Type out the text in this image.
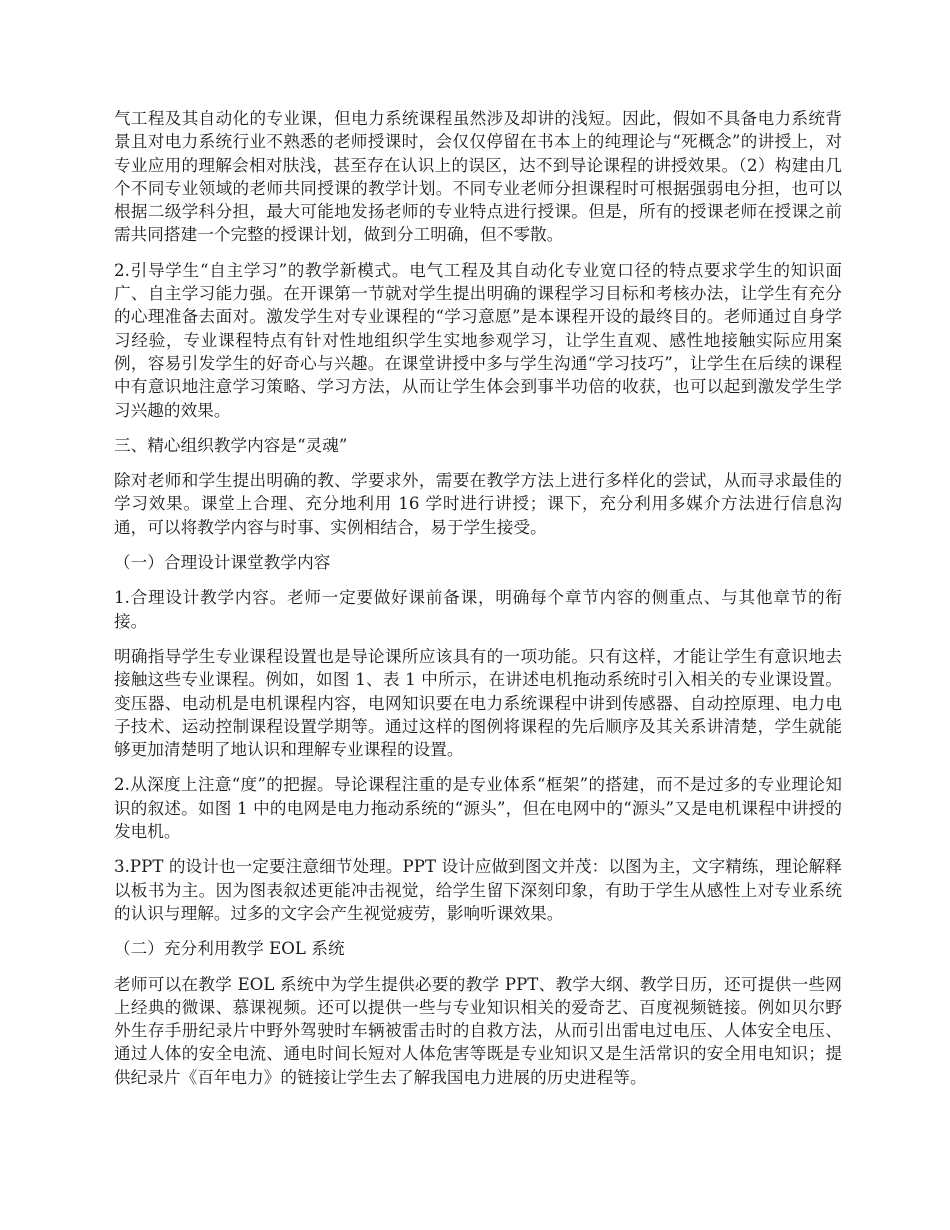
气工程及其自动化的专业课，但电力系统课程虽然涉及却讲的浅短。因此，假如不具备电力系统背景且对电力系统行业不熟悉的老师授课时，会仅仅停留在书本上的纯理论与“死概念”的讲授上，对专业应用的理解会相对肤浅，甚至存在认识上的误区，达不到导论课程的讲授效果。（2）构建由几个不同专业领域的老师共同授课的教学计划。不同专业老师分担课程时可根据强弱电分担，也可以根据二级学科分担，最大可能地发扬老师的专业特点进行授课。但是，所有的授课老师在授课之前需共同搭建一个完整的授课计划，做到分工明确，但不零散。

2.引导学生“自主学习”的教学新模式。电气工程及其自动化专业宽口径的特点要求学生的知识面广、自主学习能力强。在开课第一节就对学生提出明确的课程学习目标和考核办法，让学生有充分的心理准备去面对。激发学生对专业课程的“学习意愿”是本课程开设的最终目的。老师通过自身学习经验，专业课程特点有针对性地组织学生实地参观学习，让学生直观、感性地接触实际应用案例，容易引发学生的好奇心与兴趣。在课堂讲授中多与学生沟通“学习技巧”，让学生在后续的课程中有意识地注意学习策略、学习方法，从而让学生体会到事半功倍的收获，也可以起到激发学生学习兴趣的效果。

三、精心组织教学内容是“灵魂”

除对老师和学生提出明确的教、学要求外，需要在教学方法上进行多样化的尝试，从而寻求最佳的学习效果。课堂上合理、充分地利用 16 学时进行讲授；课下，充分利用多媒介方法进行信息沟通，可以将教学内容与时事、实例相结合，易于学生接受。

（一）合理设计课堂教学内容

1.合理设计教学内容。老师一定要做好课前备课，明确每个章节内容的侧重点、与其他章节的衔接。

明确指导学生专业课程设置也是导论课所应该具有的一项功能。只有这样，才能让学生有意识地去接触这些专业课程。例如，如图 1、表 1 中所示，在讲述电机拖动系统时引入相关的专业课设置。变压器、电动机是电机课程内容，电网知识要在电力系统课程中讲到传感器、自动控原理、电力电子技术、运动控制课程设置学期等。通过这样的图例将课程的先后顺序及其关系讲清楚，学生就能够更加清楚明了地认识和理解专业课程的设置。

2.从深度上注意“度”的把握。导论课程注重的是专业体系“框架”的搭建，而不是过多的专业理论知识的叙述。如图 1 中的电网是电力拖动系统的“源头”，但在电网中的“源头”又是电机课程中讲授的发电机。

3.PPT 的设计也一定要注意细节处理。PPT 设计应做到图文并茂：以图为主，文字精练，理论解释以板书为主。因为图表叙述更能冲击视觉，给学生留下深刻印象，有助于学生从感性上对专业系统的认识与理解。过多的文字会产生视觉疲劳，影响听课效果。

（二）充分利用教学 EOL 系统

老师可以在教学 EOL 系统中为学生提供必要的教学 PPT、教学大纲、教学日历，还可提供一些网上经典的微课、慕课视频。还可以提供一些与专业知识相关的爱奇艺、百度视频链接。例如贝尔野外生存手册纪录片中野外驾驶时车辆被雷击时的自救方法，从而引出雷电过电压、人体安全电压、通过人体的安全电流、通电时间长短对人体危害等既是专业知识又是生活常识的安全用电知识；提供纪录片《百年电力》的链接让学生去了解我国电力进展的历史进程等。
